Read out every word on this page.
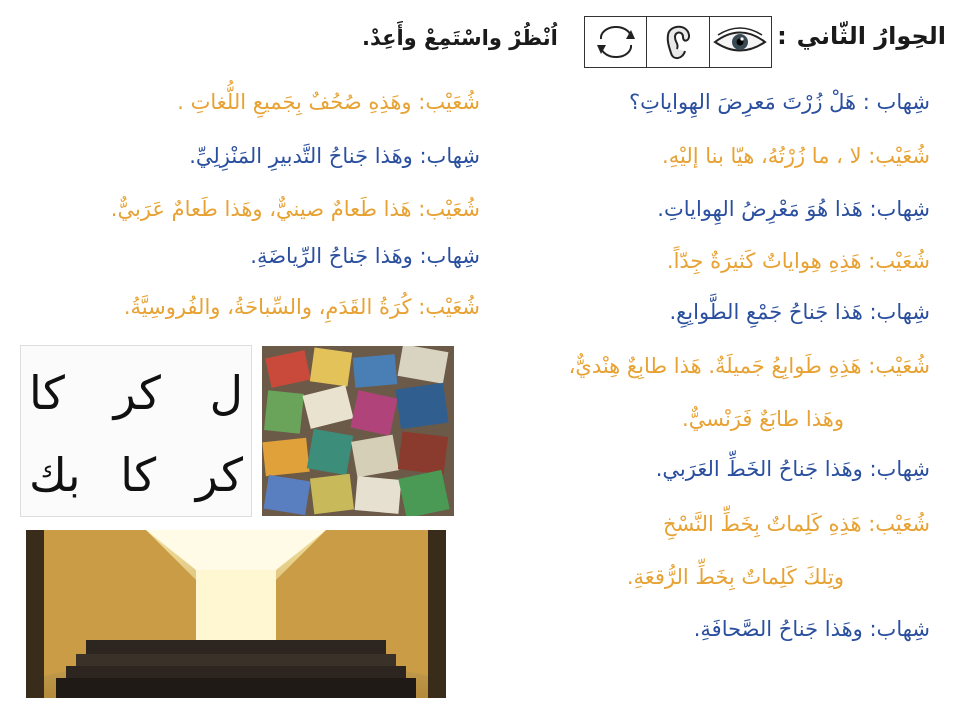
الحِوارُ الثّاني:
اُنْظُرْ واسْتَمِعْ وأَعِدْ.
شِهاب : هَلْ زُرْتَ مَعرِضَ الهِواياتِ؟
شُعَيْب: لا ، ما زُرْتُهُ، هيّا بنا إليْهِ.
شِهاب: هَذا هُوَ مَعْرِضُ الهِواياتِ.
شُعَيْب: هَذِهِ هِواياتٌ كَثيرَةٌ جِدّاً.
شِهاب: هَذا جَناحُ جَمْعِ الطَّوابِعِ.
شُعَيْب: هَذِهِ طَوابِعُ جَميلَةٌ. هَذا طابِعٌ هِنْديٌّ،
وهَذا طابَعٌ فَرَنْسيٌّ.
شِهاب: وهَذا جَناحُ الخَطِّ العَرَبي.
شُعَيْب: هَذِهِ كَلِماتٌ بِخَطِّ النَّسْخِ
وتِلكَ كَلِماتٌ بِخَطِّ الرُّقعَةِ.
شِهاب: وهَذا جَناحُ الصَّحافَةِ.
شُعَيْب: وهَذِهِ صُحُفٌ بِجَميعِ اللُّغاتِ .
شِهاب: وهَذا جَناحُ التَّدبيرِ المَنْزِلِيِّ.
شُعَيْب: هَذا طَعامٌ صينيٌّ، وهَذا طَعامٌ عَرَبيٌّ.
شِهاب: وهَذا جَناحُ الرِّياضَةِ.
شُعَيْب: كُرَةُ القَدَمِ، والسِّباحَةُ، والفُروسِيَّةُ.
ل
كر
كا
كر
كا
بك
